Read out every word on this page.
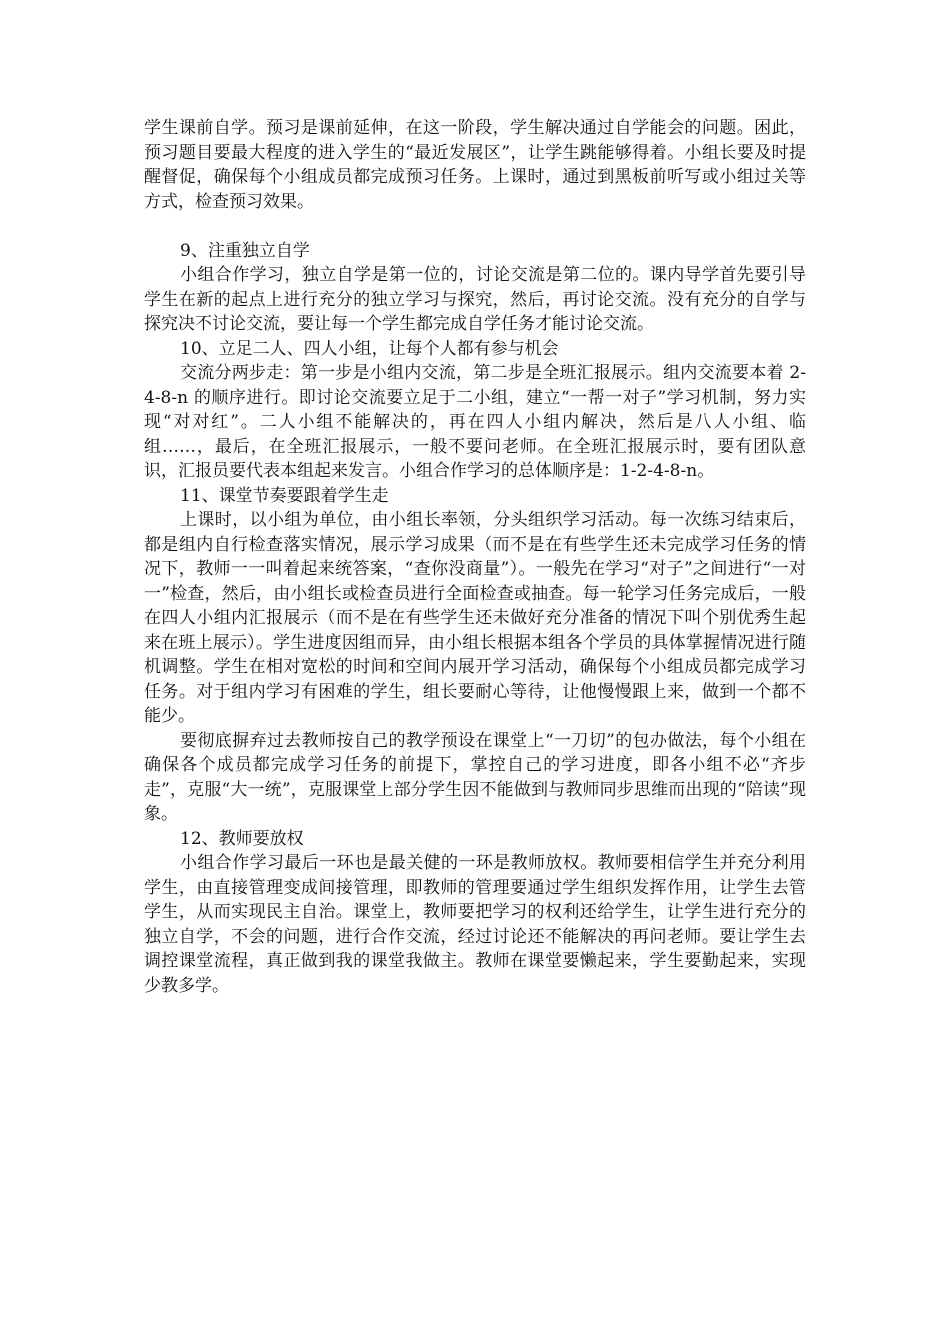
学生课前自学。预习是课前延伸，在这一阶段，学生解决通过自学能会的问题。困此，预习题目要最大程度的进入学生的“最近发展区”，让学生跳能够得着。小组长要及时提醒督促，确保每个小组成员都完成预习任务。上课时，通过到黑板前听写或小组过关等方式，检查预习效果。

9、注重独立自学

小组合作学习，独立自学是第一位的，讨论交流是第二位的。课内导学首先要引导学生在新的起点上进行充分的独立学习与探究，然后，再讨论交流。没有充分的自学与探究决不讨论交流，要让每一个学生都完成自学任务才能讨论交流。

10、立足二人、四人小组，让每个人都有参与机会

交流分两步走：第一步是小组内交流，第二步是全班汇报展示。组内交流要本着 2-4-8-n 的顺序进行。即讨论交流要立足于二小组，建立“一帮一对子”学习机制，努力实现“对对红”。二人小组不能解决的，再在四人小组内解决，然后是八人小组、临组……，最后，在全班汇报展示，一般不要问老师。在全班汇报展示时，要有团队意识，汇报员要代表本组起来发言。小组合作学习的总体顺序是：1-2-4-8-n。

11、课堂节奏要跟着学生走

上课时，以小组为单位，由小组长率领，分头组织学习活动。每一次练习结束后，都是组内自行检查落实情况，展示学习成果（而不是在有些学生还未完成学习任务的情况下，教师一一叫着起来统答案，“查你没商量”）。一般先在学习“对子”之间进行“一对一”检查，然后，由小组长或检查员进行全面检查或抽查。每一轮学习任务完成后，一般在四人小组内汇报展示（而不是在有些学生还未做好充分准备的情况下叫个别优秀生起来在班上展示）。学生进度因组而异，由小组长根据本组各个学员的具体掌握情况进行随机调整。学生在相对宽松的时间和空间内展开学习活动，确保每个小组成员都完成学习任务。对于组内学习有困难的学生，组长要耐心等待，让他慢慢跟上来，做到一个都不能少。

要彻底摒弃过去教师按自己的教学预设在课堂上“一刀切”的包办做法，每个小组在确保各个成员都完成学习任务的前提下，掌控自己的学习进度，即各小组不必“齐步走”，克服“大一统”，克服课堂上部分学生因不能做到与教师同步思维而出现的“陪读”现象。

12、教师要放权

小组合作学习最后一环也是最关健的一环是教师放权。教师要相信学生并充分利用学生，由直接管理变成间接管理，即教师的管理要通过学生组织发挥作用，让学生去管学生，从而实现民主自治。课堂上，教师要把学习的权利还给学生，让学生进行充分的独立自学，不会的问题，进行合作交流，经过讨论还不能解决的再问老师。要让学生去调控课堂流程，真正做到我的课堂我做主。教师在课堂要懒起来，学生要勤起来，实现少教多学。
